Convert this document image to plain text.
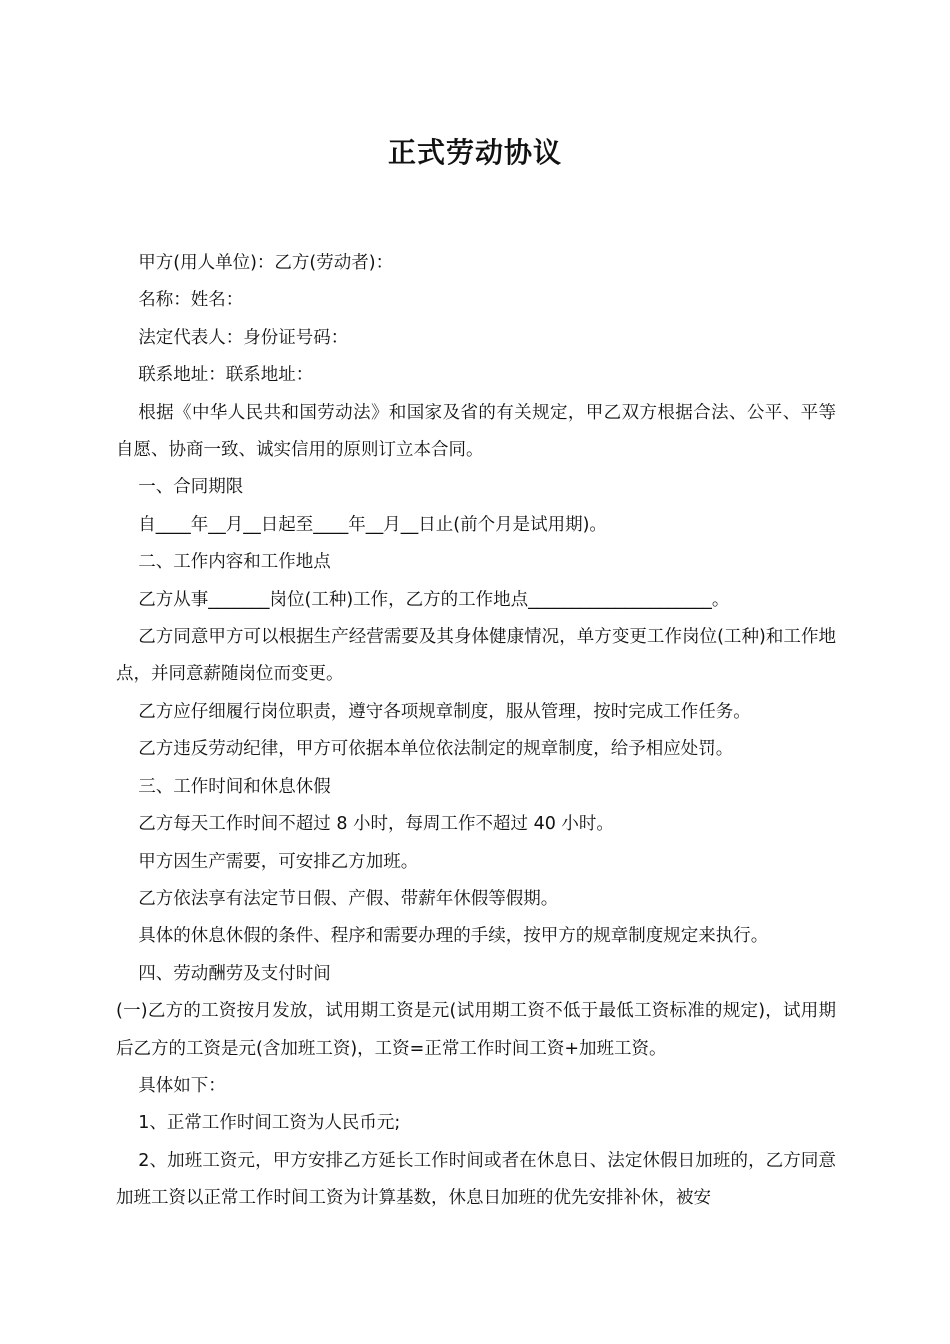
正式劳动协议

甲方(用人单位)：乙方(劳动者)：

名称：姓名：

法定代表人：身份证号码：

联系地址：联系地址：

根据《中华人民共和国劳动法》和国家及省的有关规定，甲乙双方根据合法、公平、平等自愿、协商一致、诚实信用的原则订立本合同。

一、合同期限

自____年__月__日起至____年__月__日止(前个月是试用期)。

二、工作内容和工作地点

乙方从事_______岗位(工种)工作，乙方的工作地点_____________________。

乙方同意甲方可以根据生产经营需要及其身体健康情况，单方变更工作岗位(工种)和工作地点，并同意薪随岗位而变更。

乙方应仔细履行岗位职责，遵守各项规章制度，服从管理，按时完成工作任务。

乙方违反劳动纪律，甲方可依据本单位依法制定的规章制度，给予相应处罚。

三、工作时间和休息休假

乙方每天工作时间不超过 8 小时，每周工作不超过 40 小时。

甲方因生产需要，可安排乙方加班。

乙方依法享有法定节日假、产假、带薪年休假等假期。

具体的休息休假的条件、程序和需要办理的手续，按甲方的规章制度规定来执行。

四、劳动酬劳及支付时间

(一)乙方的工资按月发放，试用期工资是元(试用期工资不低于最低工资标准的规定)，试用期后乙方的工资是元(含加班工资)，工资=正常工作时间工资+加班工资。

具体如下：

1、正常工作时间工资为人民币元;

2、加班工资元，甲方安排乙方延长工作时间或者在休息日、法定休假日加班的，乙方同意加班工资以正常工作时间工资为计算基数，休息日加班的优先安排补休，被安
